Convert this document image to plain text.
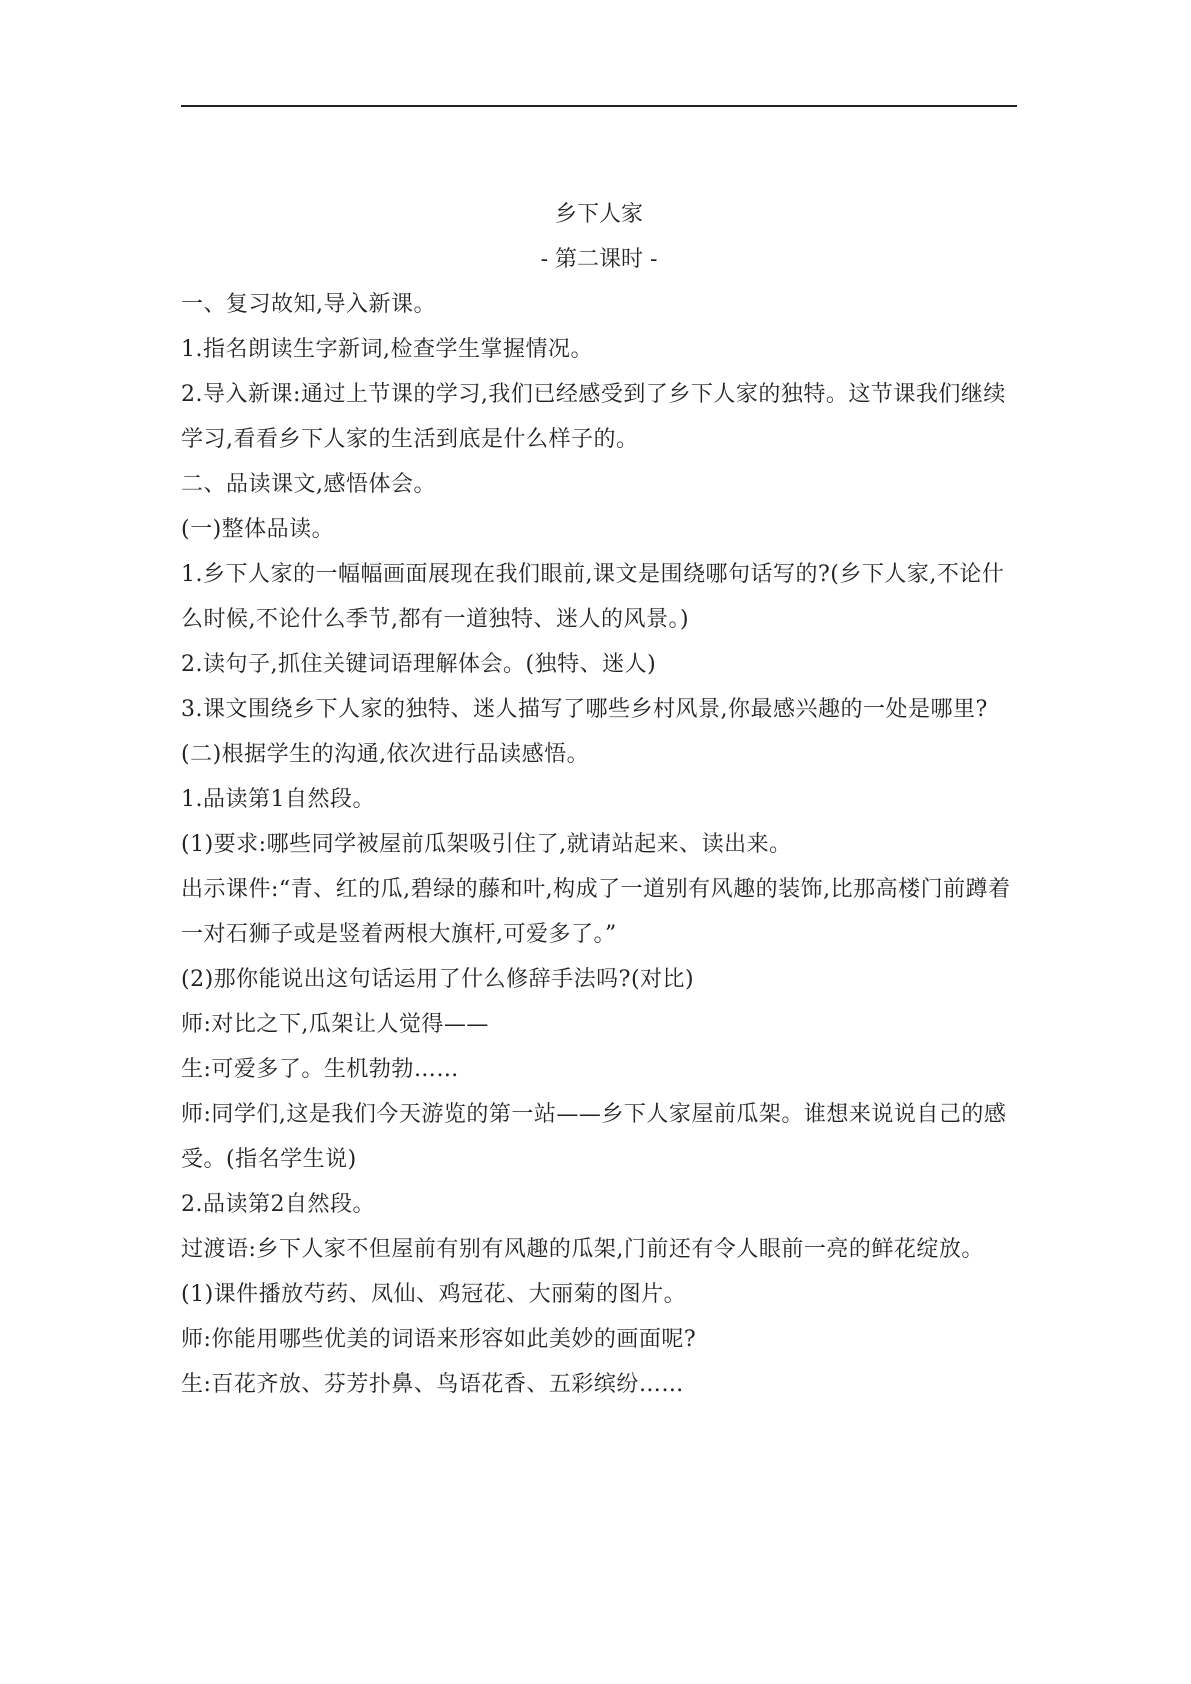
乡下人家
- 第二课时 -

一、复习故知,导入新课。

1.指名朗读生字新词,检查学生掌握情况。

2.导入新课:通过上节课的学习,我们已经感受到了乡下人家的独特。这节课我们继续学习,看看乡下人家的生活到底是什么样子的。

二、品读课文,感悟体会。

(一)整体品读。

1.乡下人家的一幅幅画面展现在我们眼前,课文是围绕哪句话写的?(乡下人家,不论什么时候,不论什么季节,都有一道独特、迷人的风景。)

2.读句子,抓住关键词语理解体会。(独特、迷人)

3.课文围绕乡下人家的独特、迷人描写了哪些乡村风景,你最感兴趣的一处是哪里?

(二)根据学生的沟通,依次进行品读感悟。

1.品读第1自然段。

(1)要求:哪些同学被屋前瓜架吸引住了,就请站起来、读出来。

出示课件:“青、红的瓜,碧绿的藤和叶,构成了一道别有风趣的装饰,比那高楼门前蹲着一对石狮子或是竖着两根大旗杆,可爱多了。”

(2)那你能说出这句话运用了什么修辞手法吗?(对比)

师:对比之下,瓜架让人觉得——

生:可爱多了。生机勃勃……

师:同学们,这是我们今天游览的第一站——乡下人家屋前瓜架。谁想来说说自己的感受。(指名学生说)

2.品读第2自然段。

过渡语:乡下人家不但屋前有别有风趣的瓜架,门前还有令人眼前一亮的鲜花绽放。

(1)课件播放芍药、凤仙、鸡冠花、大丽菊的图片。

师:你能用哪些优美的词语来形容如此美妙的画面呢?

生:百花齐放、芬芳扑鼻、鸟语花香、五彩缤纷……
